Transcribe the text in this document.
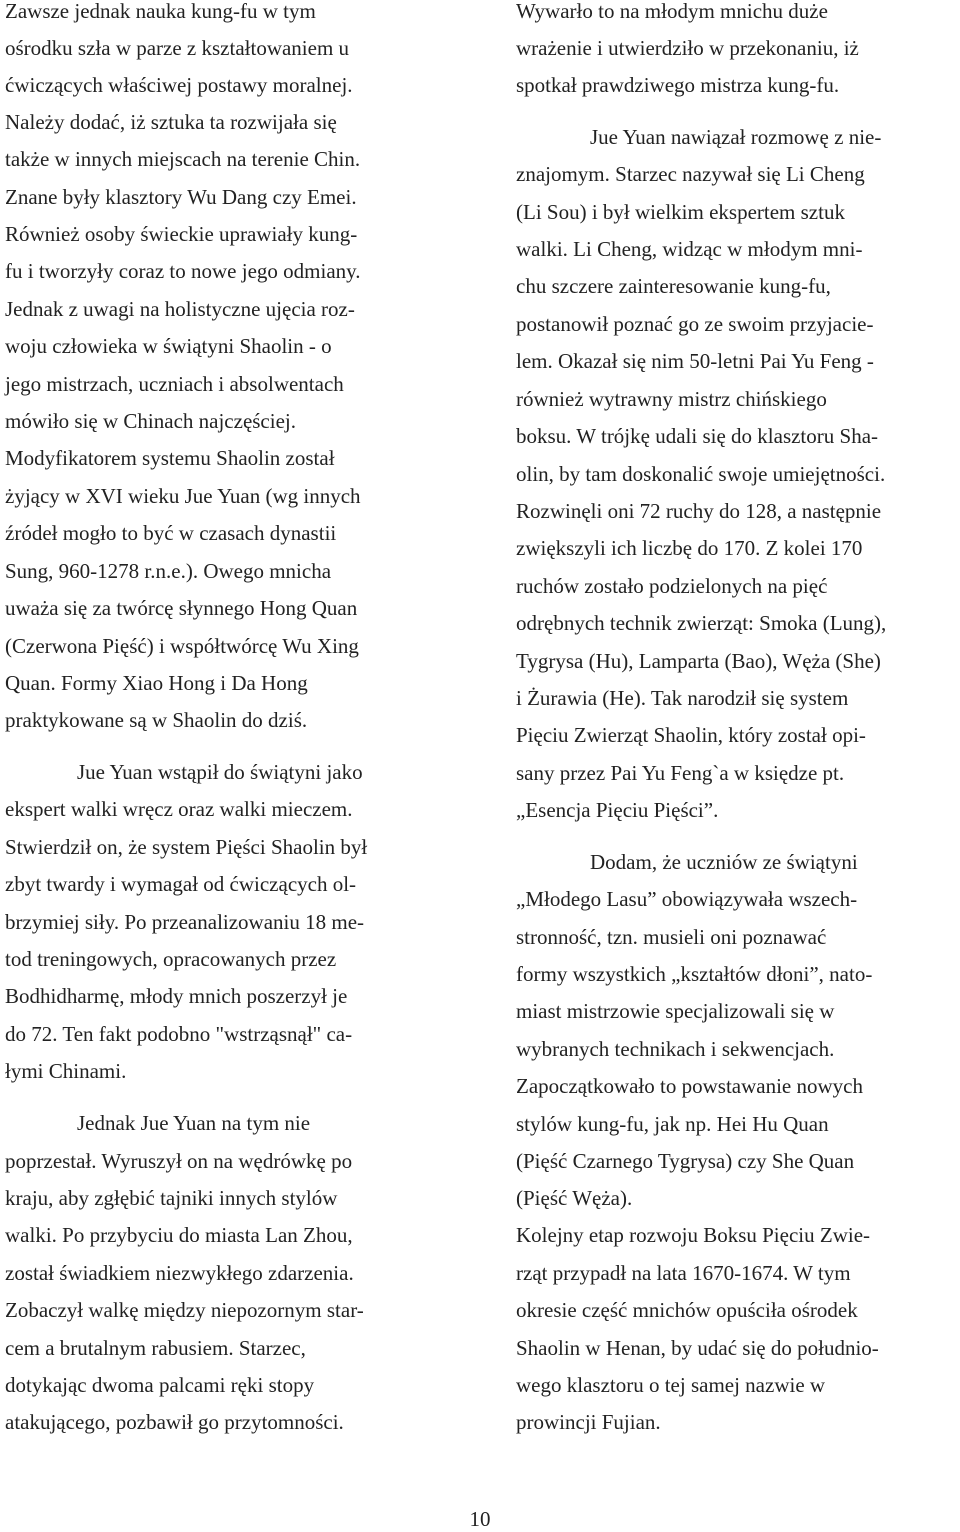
Zawsze jednak nauka kung-fu w tym
ośrodku szła w parze z kształtowaniem u
ćwiczących właściwej postawy moralnej.
Należy dodać, iż sztuka ta rozwijała się
także w innych miejscach na terenie Chin.
Znane były klasztory Wu Dang czy Emei.
Również osoby świeckie uprawiały kung-
fu i tworzyły coraz to nowe jego odmiany.
Jednak z uwagi na holistyczne ujęcia roz-
woju człowieka w świątyni Shaolin - o
jego mistrzach, uczniach i absolwentach
mówiło się w Chinach najczęściej.
Modyfikatorem systemu Shaolin został
żyjący w XVI wieku Jue Yuan (wg innych
źródeł mogło to być w czasach dynastii
Sung, 960-1278 r.n.e.). Owego mnicha
uważa się za twórcę słynnego Hong Quan
(Czerwona Pięść) i współtwórcę Wu Xing
Quan. Formy Xiao Hong i Da Hong
praktykowane są w Shaolin do dziś.
Jue Yuan wstąpił do świątyni jako
ekspert walki wręcz oraz walki mieczem.
Stwierdził on, że system Pięści Shaolin był
zbyt twardy i wymagał od ćwiczących ol-
brzymiej siły. Po przeanalizowaniu 18 me-
tod treningowych, opracowanych przez
Bodhidharmę, młody mnich poszerzył je
do 72. Ten fakt podobno "wstrząsnął" ca-
łymi Chinami.
Jednak Jue Yuan na tym nie
poprzestał. Wyruszył on na wędrówkę po
kraju, aby zgłębić tajniki innych stylów
walki. Po przybyciu do miasta Lan Zhou,
został świadkiem niezwykłego zdarzenia.
Zobaczył walkę między niepozornym star-
cem a brutalnym rabusiem. Starzec,
dotykając dwoma palcami ręki stopy
atakującego, pozbawił go przytomności.
Wywarło to na młodym mnichu duże
wrażenie i utwierdziło w przekonaniu, iż
spotkał prawdziwego mistrza kung-fu.
Jue Yuan nawiązał rozmowę z nie-
znajomym. Starzec nazywał się Li Cheng
(Li Sou) i był wielkim ekspertem sztuk
walki. Li Cheng, widząc w młodym mni-
chu szczere zainteresowanie kung-fu,
postanowił poznać go ze swoim przyjacie-
lem. Okazał się nim 50-letni Pai Yu Feng -
również wytrawny mistrz chińskiego
boksu. W trójkę udali się do klasztoru Sha-
olin, by tam doskonalić swoje umiejętności.
Rozwinęli oni 72 ruchy do 128, a następnie
zwiększyli ich liczbę do 170. Z kolei 170
ruchów zostało podzielonych na pięć
odrębnych technik zwierząt: Smoka (Lung),
Tygrysa (Hu), Lamparta (Bao), Węża (She)
i Żurawia (He). Tak narodził się system
Pięciu Zwierząt Shaolin, który został opi-
sany przez Pai Yu Feng`a w księdze pt.
„Esencja Pięciu Pięści”.
Dodam, że uczniów ze świątyni
„Młodego Lasu” obowiązywała wszech-
stronność, tzn. musieli oni poznawać
formy wszystkich „kształtów dłoni”, nato-
miast mistrzowie specjalizowali się w
wybranych technikach i sekwencjach.
Zapoczątkowało to powstawanie nowych
stylów kung-fu, jak np. Hei Hu Quan
(Pięść Czarnego Tygrysa) czy She Quan
(Pięść Węża).
Kolejny etap rozwoju Boksu Pięciu Zwie-
rząt przypadł na lata 1670-1674. W tym
okresie część mnichów opuściła ośrodek
Shaolin w Henan, by udać się do południo-
wego klasztoru o tej samej nazwie w
prowincji Fujian.
10
